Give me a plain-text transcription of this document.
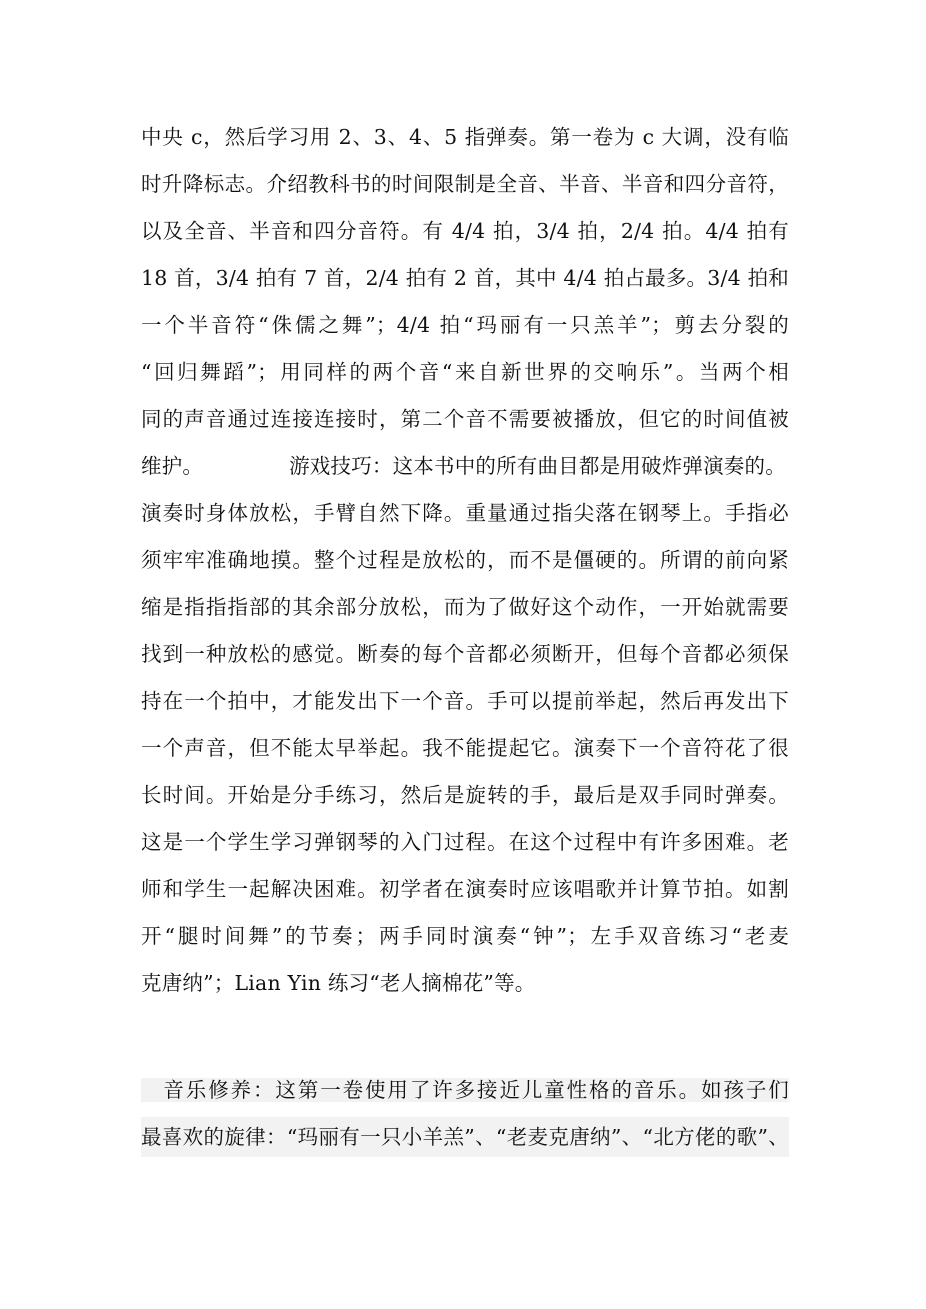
中央 c，然后学习用 2、3、4、5 指弹奏。第一卷为 c 大调，没有临
时升降标志。介绍教科书的时间限制是全音、半音、半音和四分音符，
以及全音、半音和四分音符。有 4/4 拍，3/4 拍，2/4 拍。4/4 拍有
18 首，3/4 拍有 7 首，2/4 拍有 2 首，其中 4/4 拍占最多。3/4 拍和
一个半音符“侏儒之舞”；4/4 拍“玛丽有一只羔羊”；剪去分裂的
“回归舞蹈”；用同样的两个音“来自新世界的交响乐”。当两个相
同的声音通过连接连接时，第二个音不需要被播放，但它的时间值被
维护。	游戏技巧：这本书中的所有曲目都是用破炸弹演奏的。
演奏时身体放松，手臂自然下降。重量通过指尖落在钢琴上。手指必
须牢牢准确地摸。整个过程是放松的，而不是僵硬的。所谓的前向紧
缩是指指指部的其余部分放松，而为了做好这个动作，一开始就需要
找到一种放松的感觉。断奏的每个音都必须断开，但每个音都必须保
持在一个拍中，才能发出下一个音。手可以提前举起，然后再发出下
一个声音，但不能太早举起。我不能提起它。演奏下一个音符花了很
长时间。开始是分手练习，然后是旋转的手，最后是双手同时弹奏。
这是一个学生学习弹钢琴的入门过程。在这个过程中有许多困难。老
师和学生一起解决困难。初学者在演奏时应该唱歌并计算节拍。如割
开“腿时间舞”的节奏；两手同时演奏“钟”；左手双音练习“老麦
克唐纳”；Lian Yin 练习“老人摘棉花”等。
　音乐修养：这第一卷使用了许多接近儿童性格的音乐。如孩子们
最喜欢的旋律：“玛丽有一只小羊羔”、“老麦克唐纳”、“北方佬的歌”、
